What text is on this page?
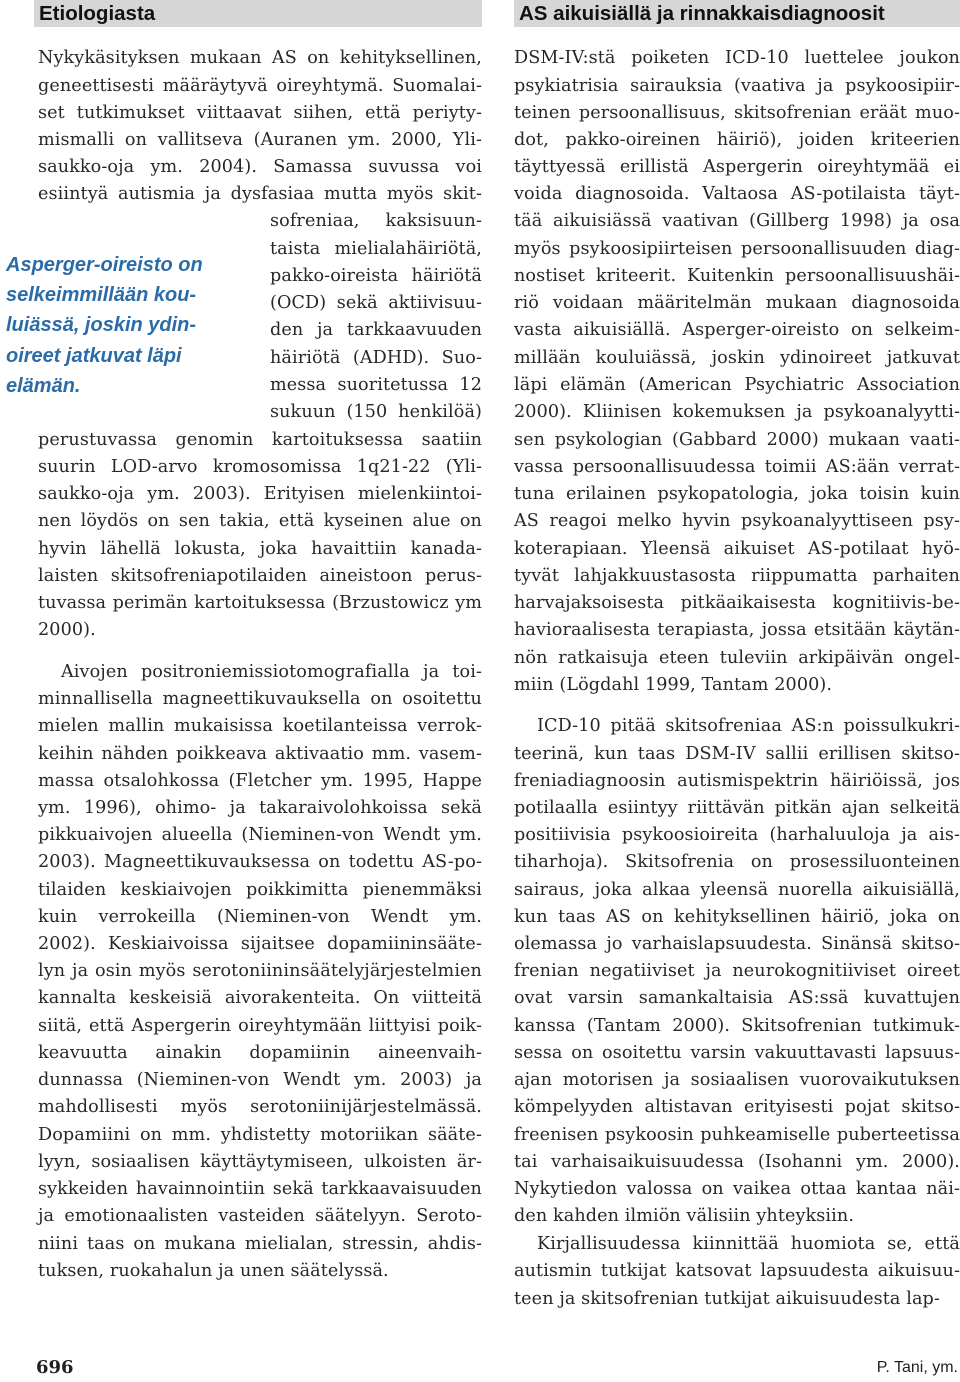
Etiologiasta	AS aikuisiällä ja rinnakkaisdiagnoosit
Asperger-oireisto on
selkeimmillään kou-
luiässä, joskin ydin-
oireet jatkuvat läpi
elämän.
Nykykäsityksen mukaan AS on kehityksellinen,
geneettisesti määräytyvä oireyhtymä. Suomalai-
set tutkimukset viittaavat siihen, että periyty-
mismalli on vallitseva (Auranen ym. 2000, Yli-
saukko-oja ym. 2004). Samassa suvussa voi
esiintyä autismia ja dysfasiaa mutta myös skit-
sofreniaa, kaksisuun-
taista mielialahäiriötä,
pakko-oireista häiriötä
(OCD) sekä aktiivisuu-
den ja tarkkaavuuden
häiriötä (ADHD). Suo-
messa suoritetussa 12
sukuun (150 henkilöä)
perustuvassa genomin kartoituksessa saatiin
suurin LOD-arvo kromosomissa 1q21-22 (Yli-
saukko-oja ym. 2003). Erityisen mielenkiintoi-
nen löydös on sen takia, että kyseinen alue on
hyvin lähellä lokusta, joka havaittiin kanada-
laisten skitsofreniapotilaiden aineistoon perus-
tuvassa perimän kartoituksessa (Brzustowicz ym
2000).
Aivojen positroniemissiotomografialla ja toi-
minnallisella magneettikuvauksella on osoitettu
mielen mallin mukaisissa koetilanteissa verrok-
keihin nähden poikkeava aktivaatio mm. vasem-
massa otsalohkossa (Fletcher ym. 1995, Happe
ym. 1996), ohimo- ja takaraivolohkoissa sekä
pikkuaivojen alueella (Nieminen-von Wendt ym.
2003). Magneettikuvauksessa on todettu AS-po-
tilaiden keskiaivojen poikkimitta pienemmäksi
kuin verrokeilla (Nieminen-von Wendt ym.
2002). Keskiaivoissa sijaitsee dopamiininsääte-
lyn ja osin myös serotoniininsäätelyjärjestelmien
kannalta keskeisiä aivorakenteita. On viitteitä
siitä, että Aspergerin oireyhtymään liittyisi poik-
keavuutta ainakin dopamiinin aineenvaih-
dunnassa (Nieminen-von Wendt ym. 2003) ja
mahdollisesti myös serotoniinijärjestelmässä.
Dopamiini on mm. yhdistetty motoriikan sääte-
lyyn, sosiaalisen käyttäytymiseen, ulkoisten är-
sykkeiden havainnointiin sekä tarkkaavaisuuden
ja emotionaalisten vasteiden säätelyyn. Seroto-
niini taas on mukana mielialan, stressin, ahdis-
tuksen, ruokahalun ja unen säätelyssä.
DSM-IV:stä poiketen ICD-10 luettelee joukon
psykiatrisia sairauksia (vaativa ja psykoosipiir-
teinen persoonallisuus, skitsofrenian eräät muo-
dot, pakko-oireinen häiriö), joiden kriteerien
täyttyessä erillistä Aspergerin oireyhtymää ei
voida diagnosoida. Valtaosa AS-potilaista täyt-
tää aikuisiässä vaativan (Gillberg 1998) ja osa
myös psykoosipiirteisen persoonallisuuden diag-
nostiset kriteerit. Kuitenkin persoonallisuushäi-
riö voidaan määritelmän mukaan diagnosoida
vasta aikuisiällä. Asperger-oireisto on selkeim-
millään kouluiässä, joskin ydinoireet jatkuvat
läpi elämän (American Psychiatric Association
2000). Kliinisen kokemuksen ja psykoanalyytti-
sen psykologian (Gabbard 2000) mukaan vaati-
vassa persoonallisuudessa toimii AS:ään verrat-
tuna erilainen psykopatologia, joka toisin kuin
AS reagoi melko hyvin psykoanalyyttiseen psy-
koterapiaan. Yleensä aikuiset AS-potilaat hyö-
tyvät lahjakkuustasosta riippumatta parhaiten
harvajaksoisesta pitkäaikaisesta kognitiivis-be-
havioraalisesta terapiasta, jossa etsitään käytän-
nön ratkaisuja eteen tuleviin arkipäivän ongel-
miin (Lögdahl 1999, Tantam 2000).
ICD-10 pitää skitsofreniaa AS:n poissulkukri-
teerinä, kun taas DSM-IV sallii erillisen skitso-
freniadiagnoosin autismispektrin häiriöissä, jos
potilaalla esiintyy riittävän pitkän ajan selkeitä
positiivisia psykoosioireita (harhaluuloja ja ais-
tiharhoja). Skitsofrenia on prosessiluonteinen
sairaus, joka alkaa yleensä nuorella aikuisiällä,
kun taas AS on kehityksellinen häiriö, joka on
olemassa jo varhaislapsuudesta. Sinänsä skitso-
frenian negatiiviset ja neurokognitiiviset oireet
ovat varsin samankaltaisia AS:ssä kuvattujen
kanssa (Tantam 2000). Skitsofrenian tutkimuk-
sessa on osoitettu varsin vakuuttavasti lapsuus-
ajan motorisen ja sosiaalisen vuorovaikutuksen
kömpelyyden altistavan erityisesti pojat skitso-
freenisen psykoosin puhkeamiselle puberteetissa
tai varhaisaikuisuudessa (Isohanni ym. 2000).
Nykytiedon valossa on vaikea ottaa kantaa näi-
den kahden ilmiön välisiin yhteyksiin.
Kirjallisuudessa kiinnittää huomiota se, että
autismin tutkijat katsovat lapsuudesta aikuisuu-
teen ja skitsofrenian tutkijat aikuisuudesta lap-
696	P. Tani, ym.
